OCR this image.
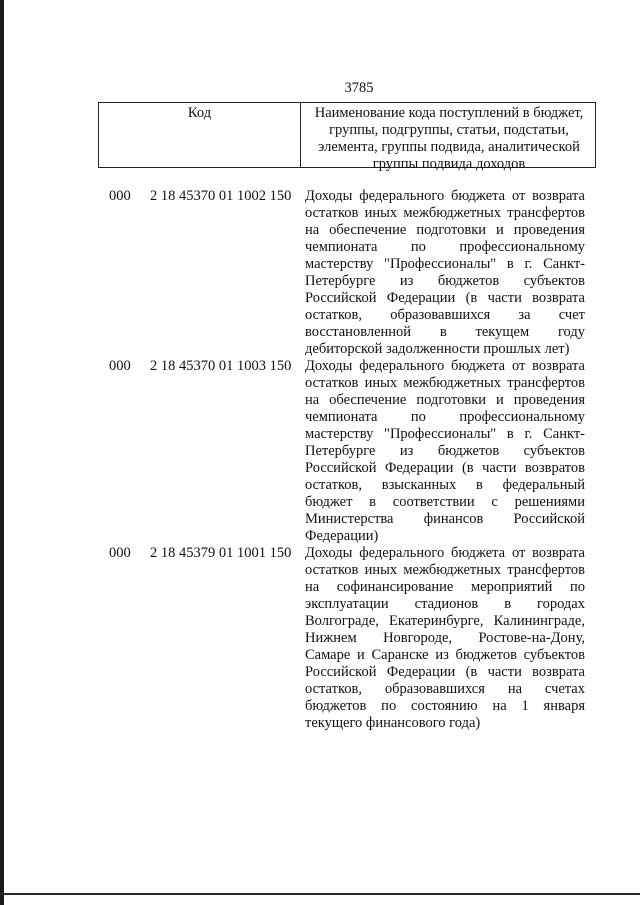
3785
Код	Наименование кода поступлений в бюджет, группы, подгруппы, статьи, подстатьи, элемента, группы подвида, аналитической группы подвида доходов
000 2 18 45370 01 1002 150 Доходы федерального бюджета от возврата остатков иных межбюджетных трансфертов на обеспечение подготовки и проведения чемпионата по профессиональному мастерству "Профессионалы" в г. Санкт-Петербурге из бюджетов субъектов Российской Федерации (в части возврата остатков, образовавшихся за счет восстановленной в текущем году дебиторской задолженности прошлых лет)
000 2 18 45370 01 1003 150 Доходы федерального бюджета от возврата остатков иных межбюджетных трансфертов на обеспечение подготовки и проведения чемпионата по профессиональному мастерству "Профессионалы" в г. Санкт-Петербурге из бюджетов субъектов Российской Федерации (в части возвратов остатков, взысканных в федеральный бюджет в соответствии с решениями Министерства финансов Российской Федерации)
000 2 18 45379 01 1001 150 Доходы федерального бюджета от возврата остатков иных межбюджетных трансфертов на софинансирование мероприятий по эксплуатации стадионов в городах Волгограде, Екатеринбурге, Калининграде, Нижнем Новгороде, Ростове-на-Дону, Самаре и Саранске из бюджетов субъектов Российской Федерации (в части возврата остатков, образовавшихся на счетах бюджетов по состоянию на 1 января текущего финансового года)
